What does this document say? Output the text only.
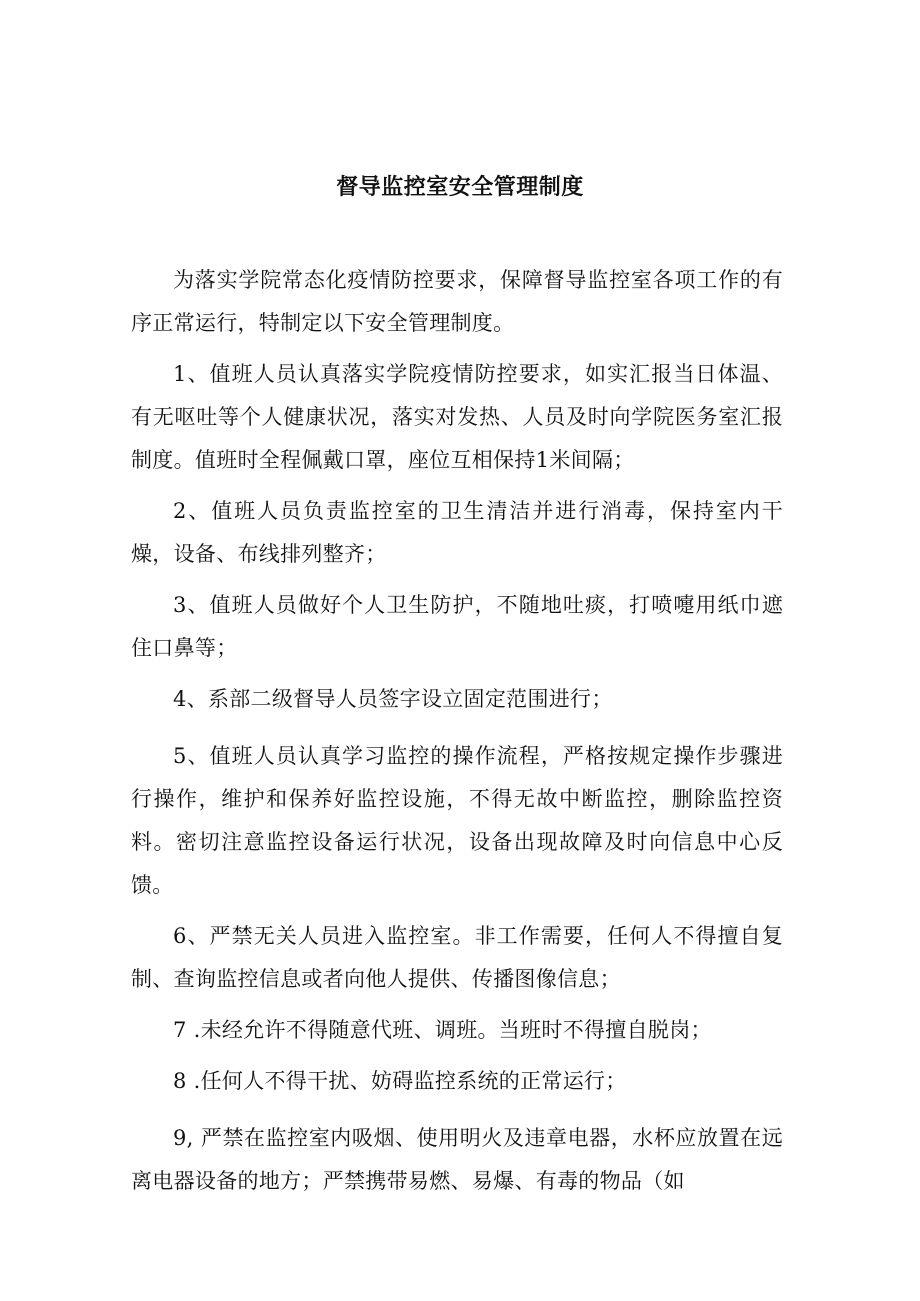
督导监控室安全管理制度

为落实学院常态化疫情防控要求，保障督导监控室各项工作的有序正常运行，特制定以下安全管理制度。

1、值班人员认真落实学院疫情防控要求，如实汇报当日体温、有无呕吐等个人健康状况，落实对发热、人员及时向学院医务室汇报制度。值班时全程佩戴口罩，座位互相保持1米间隔；

2、值班人员负责监控室的卫生清洁并进行消毒，保持室内干燥，设备、布线排列整齐；

3、值班人员做好个人卫生防护，不随地吐痰，打喷嚏用纸巾遮住口鼻等；

4、系部二级督导人员签字设立固定范围进行；

5、值班人员认真学习监控的操作流程，严格按规定操作步骤进行操作，维护和保养好监控设施，不得无故中断监控，删除监控资料。密切注意监控设备运行状况，设备出现故障及时向信息中心反馈。

6、严禁无关人员进入监控室。非工作需要，任何人不得擅自复制、查询监控信息或者向他人提供、传播图像信息；

7 .未经允许不得随意代班、调班。当班时不得擅自脱岗；

8 .任何人不得干扰、妨碍监控系统的正常运行；

9, 严禁在监控室内吸烟、使用明火及违章电器，水杯应放置在远离电器设备的地方；严禁携带易燃、易爆、有毒的物品（如
